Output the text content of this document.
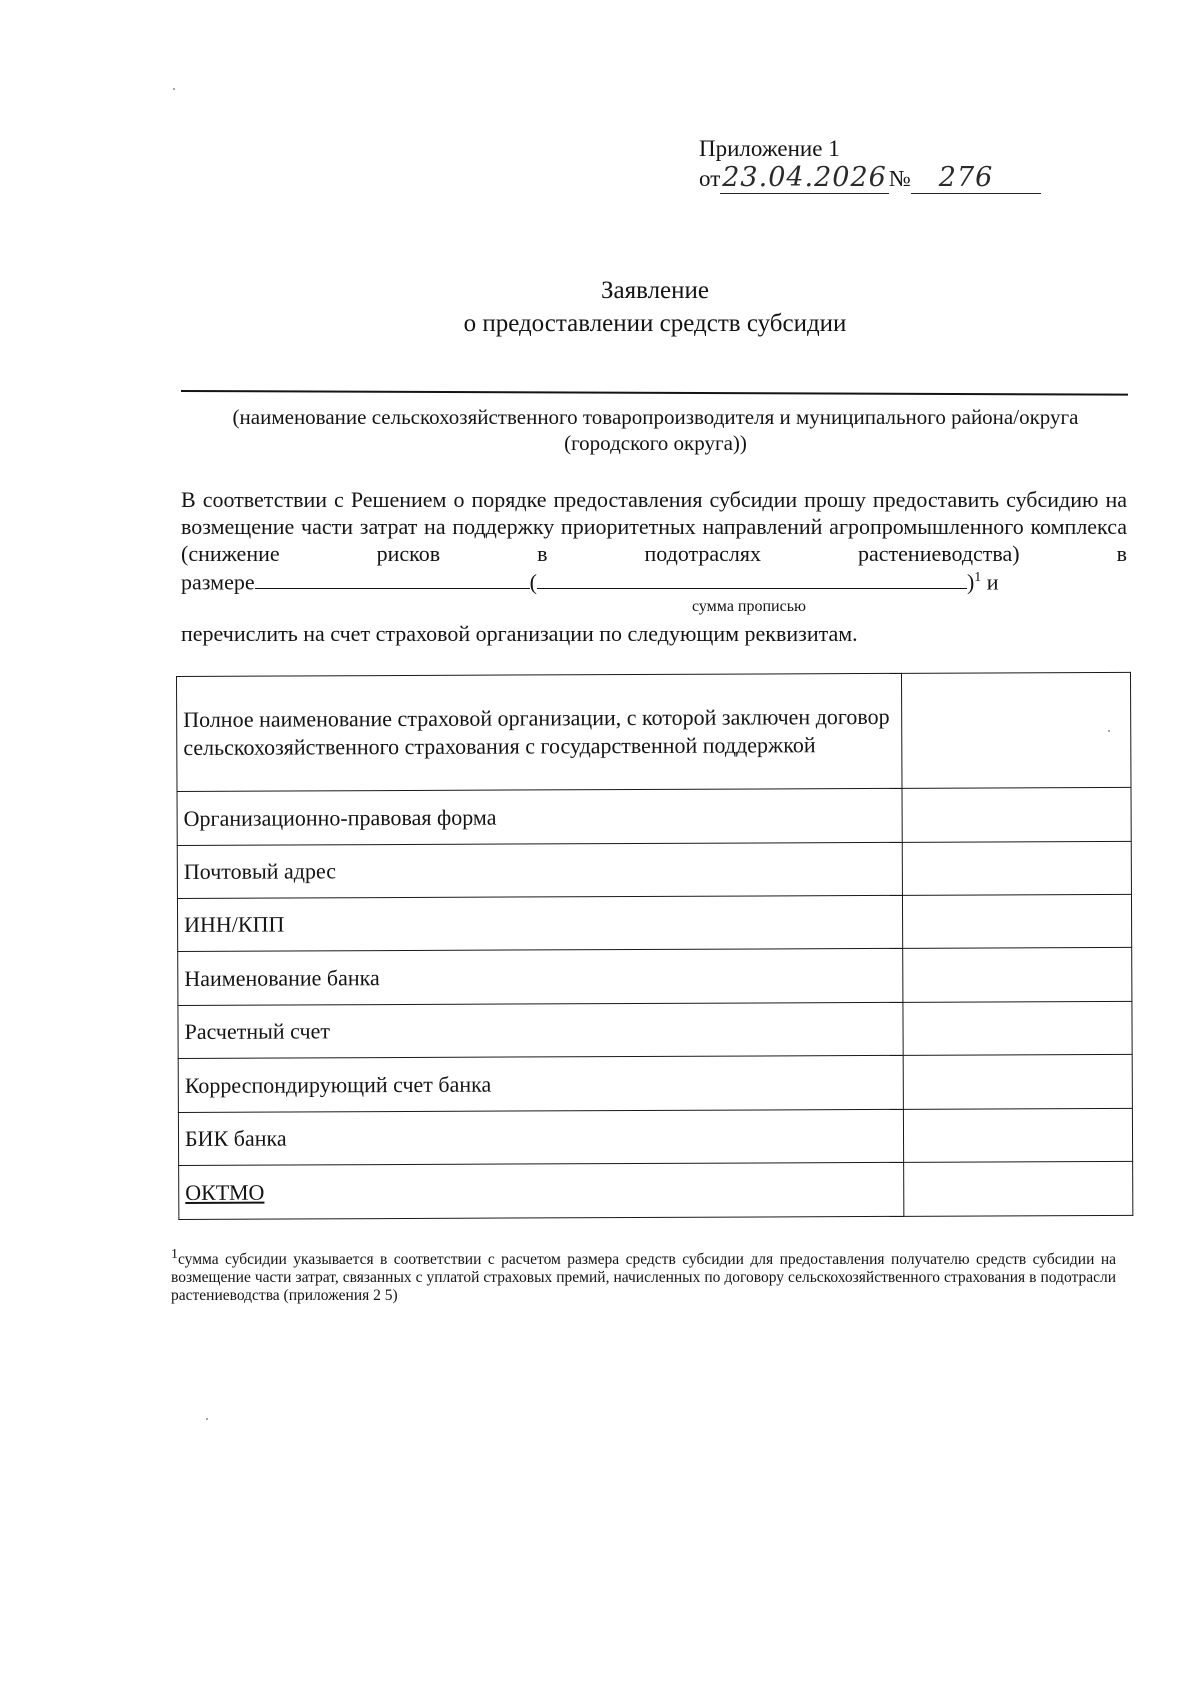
Приложение 1
от23.04.2026№ 276
Заявление
о предоставлении средств субсидии
(наименование сельскохозяйственного товаропроизводителя и муниципального района/округа (городского округа))
В соответствии с Решением о порядке предоставления субсидии прошу предоставить субсидию на возмещение части затрат на поддержку приоритетных направлений агропромышленного комплекса (снижение рисков в подотраслях растениеводства) в
размере	(	)$^1$ и
сумма прописью
перечислить на счет страховой организации по следующим реквизитам.
Полное наименование страховой организации, с которой заключен договор сельскохозяйственного страхования с государственной поддержкой	
Организационно-правовая форма	
Почтовый адрес	
ИНН/КПП	
Наименование банка	
Расчетный счет	
Корреспондирующий счет банка	
БИК банка	
ОКТМО	
$^1$сумма субсидии указывается в соответствии с расчетом размера средств субсидии для предоставления получателю средств субсидии на возмещение части затрат, связанных с уплатой страховых премий, начисленных по договору сельскохозяйственного страхования в подотрасли растениеводства (приложения 2 5)
